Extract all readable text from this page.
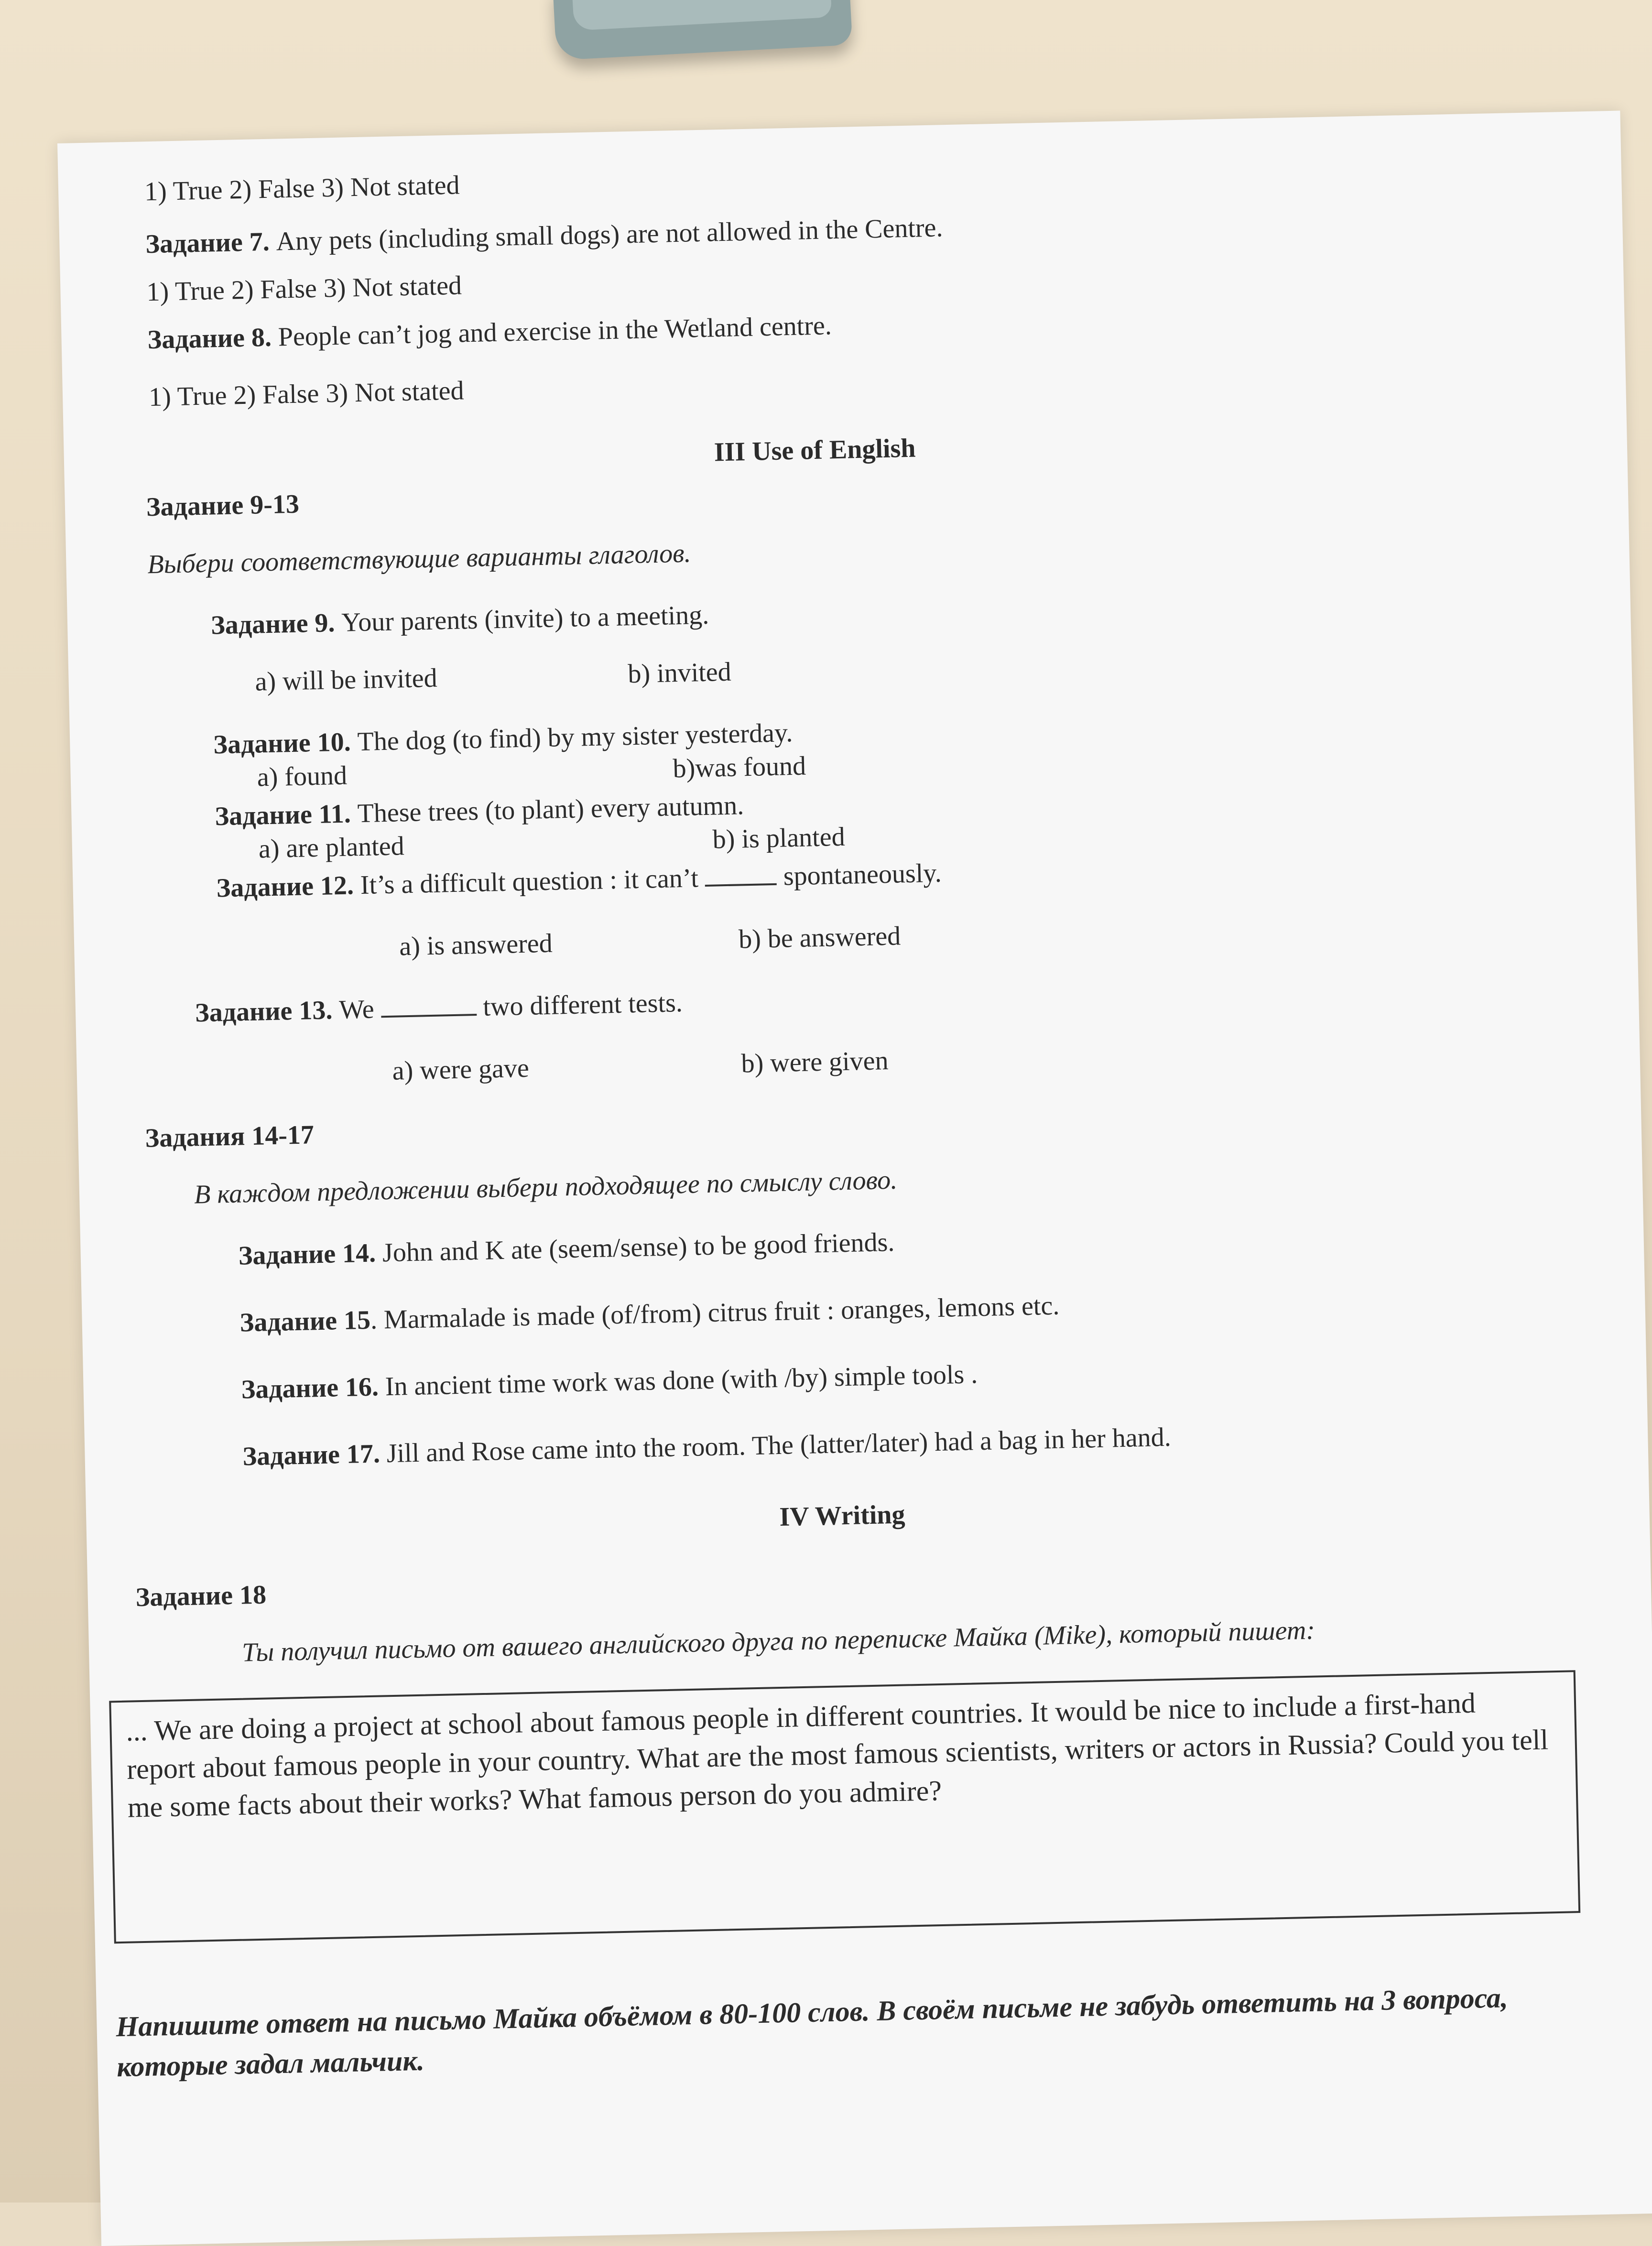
1) True 2) False 3) Not stated
Задание 7. Any pets (including small dogs) are not allowed in the Centre.
1) True 2) False 3) Not stated
Задание 8. People can’t jog and exercise in the Wetland centre.
1) True 2) False 3) Not stated
III Use of English
Задание 9-13
Выбери соответствующие варианты глаголов.
Задание 9. Your parents (invite) to a meeting.
a) will be invited	b) invited
Задание 10. The dog (to find) by my sister yesterday.
a) found	b)was found
Задание 11. These trees (to plant) every autumn.
a) are planted	b) is planted
Задание 12. It’s a difficult question : it can’t	spontaneously.
a) is answered	b) be answered
Задание 13. We	two different tests.
a) were gave	b) were given
Задания 14-17
В каждом предложении выбери подходящее по смыслу слово.
Задание 14. John and K ate (seem/sense) to be good friends.
Задание 15. Marmalade is made (of/from) citrus fruit : oranges, lemons etc.
Задание 16. In ancient time work was done (with /by) simple tools .
Задание 17. Jill and Rose came into the room. The (latter/later) had a bag in her hand.
IV Writing
Задание 18
Ты получил письмо от вашего английского друга по переписке Майка (Mike), который пишет:
... We are doing a project at school about famous people in different countries. It would be nice to include a first-hand report about famous people in your country. What are the most famous scientists, writers or actors in Russia? Could you tell me some facts about their works? What famous person do you admire?
Напишите ответ на письмо Майка объёмом в 80-100 слов. В своём письме не забудь ответить на 3 вопроса, которые задал мальчик.
